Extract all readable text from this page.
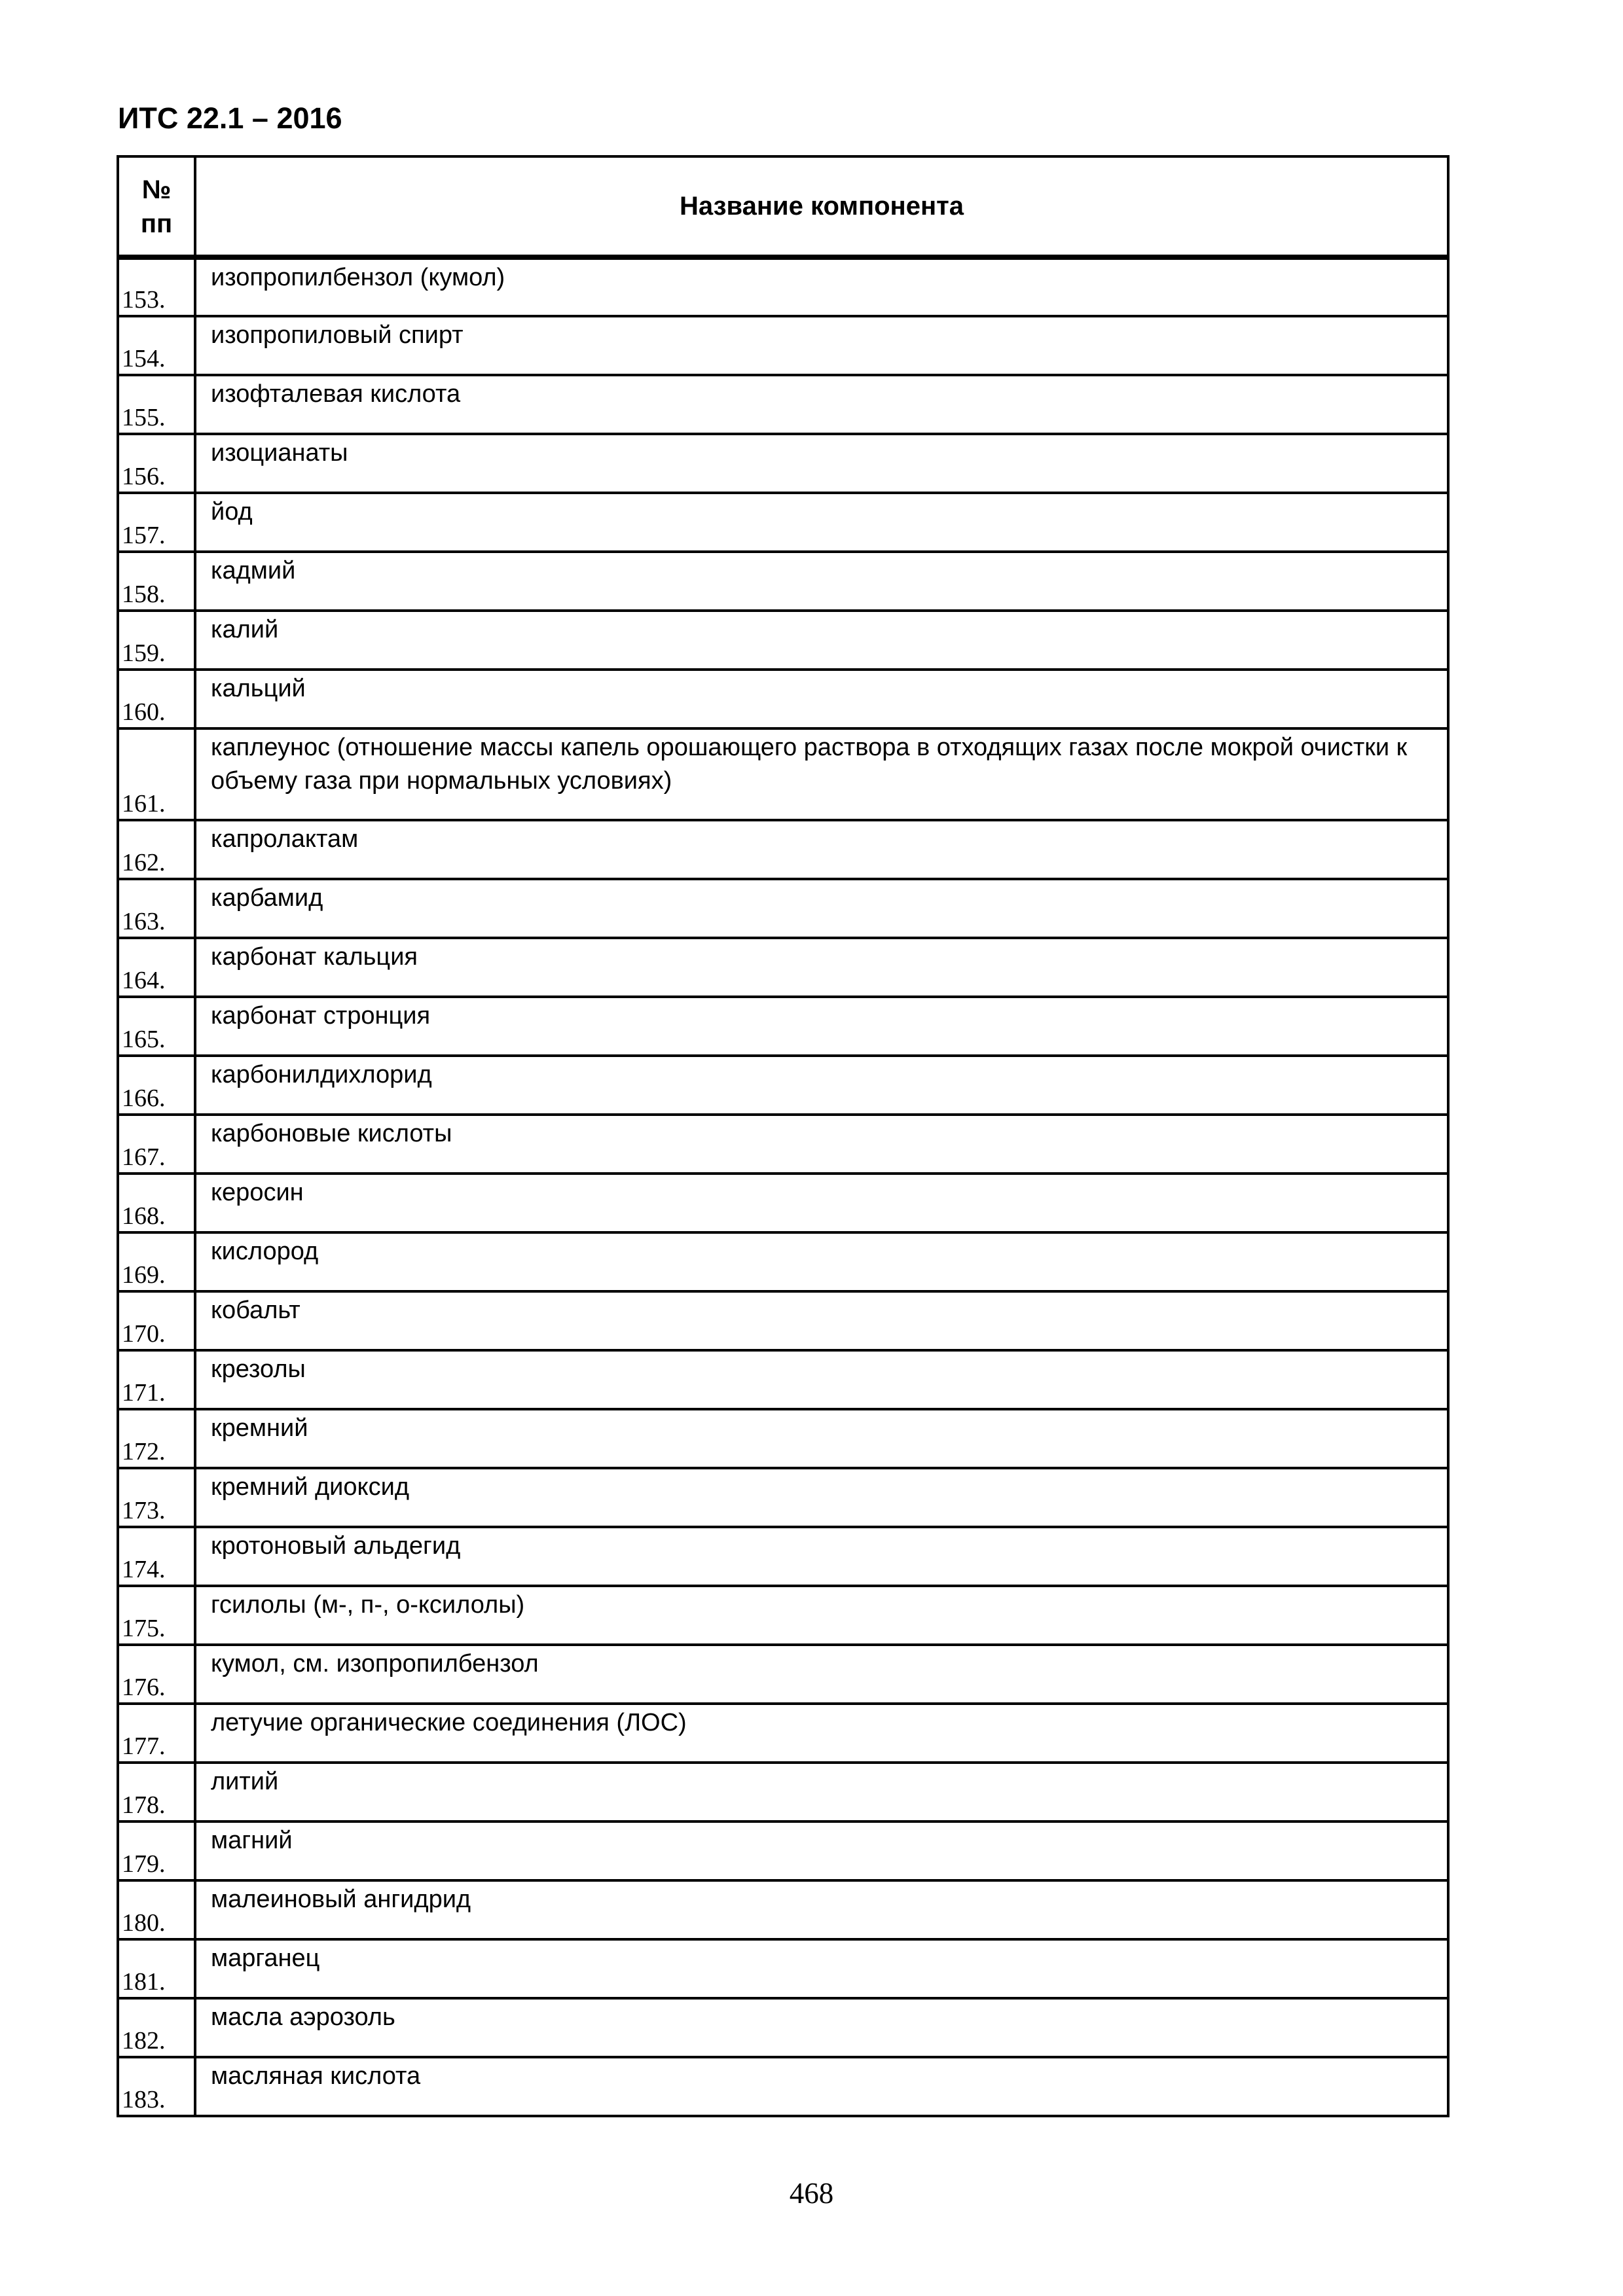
ИТС 22.1 – 2016
№
пп	Название компонента
153.	изопропилбензол (кумол)
154.	изопропиловый спирт
155.	изофталевая кислота
156.	изоцианаты
157.	йод
158.	кадмий
159.	калий
160.	кальций
161.	каплеунос (отношение массы капель орошающего раствора в отходящих газах после мокрой очистки к объему газа при нормальных условиях)
162.	капролактам
163.	карбамид
164.	карбонат кальция
165.	карбонат стронция
166.	карбонилдихлорид
167.	карбоновые кислоты
168.	керосин
169.	кислород
170.	кобальт
171.	крезолы
172.	кремний
173.	кремний диоксид
174.	кротоновый альдегид
175.	гсилолы (м-, п-, о-ксилолы)
176.	кумол, см. изопропилбензол
177.	летучие органические соединения (ЛОС)
178.	литий
179.	магний
180.	малеиновый ангидрид
181.	марганец
182.	масла аэрозоль
183.	масляная кислота
468
